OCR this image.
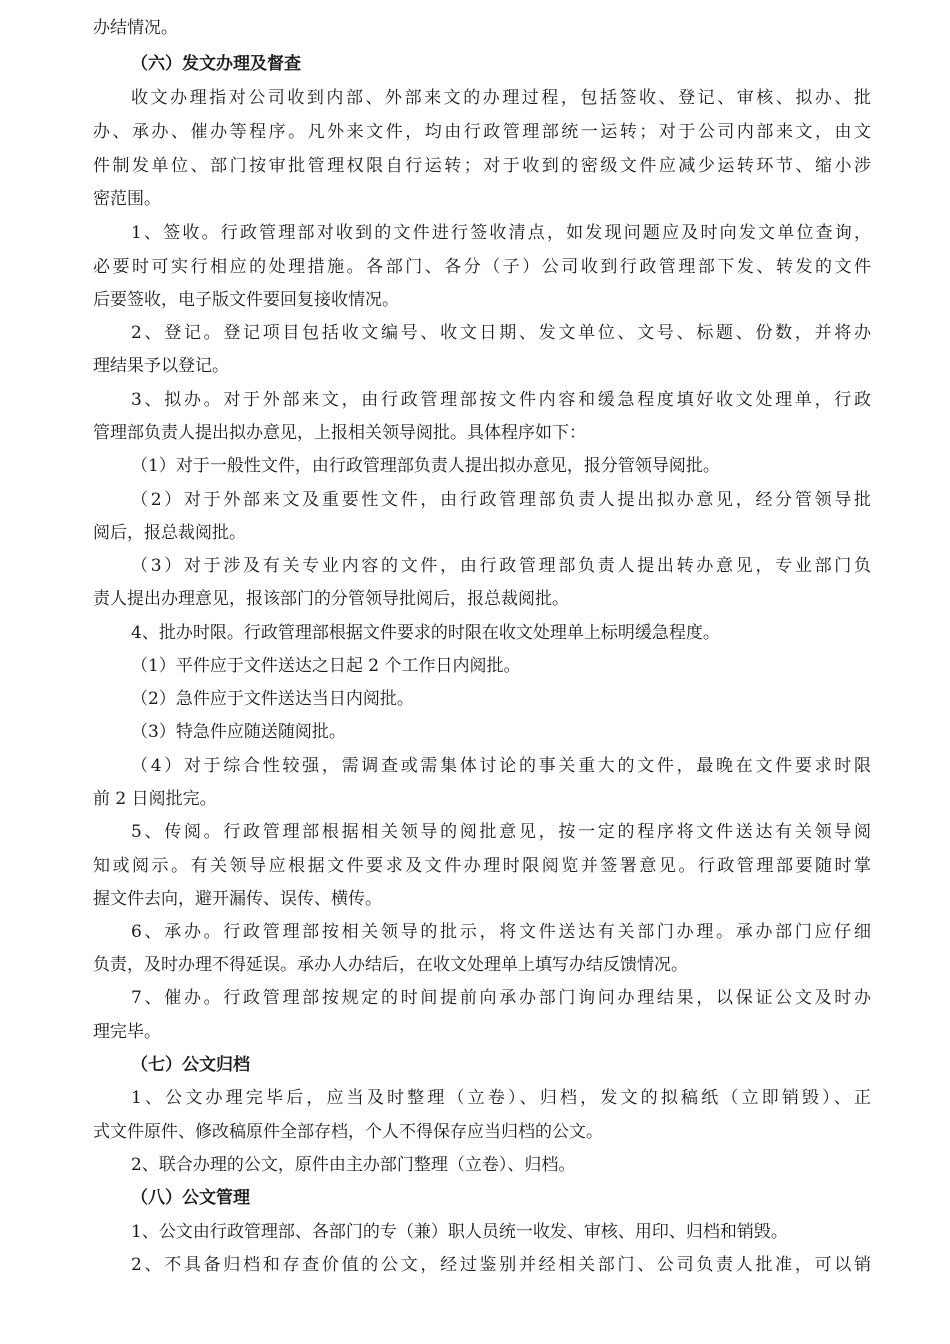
办结情况。
（六）发文办理及督查
收文办理指对公司收到内部、外部来文的办理过程，包括签收、登记、审核、拟办、批
办、承办、催办等程序。凡外来文件，均由行政管理部统一运转；对于公司内部来文，由文
件制发单位、部门按审批管理权限自行运转；对于收到的密级文件应减少运转环节、缩小涉
密范围。
1、签收。行政管理部对收到的文件进行签收清点，如发现问题应及时向发文单位查询，
必要时可实行相应的处理措施。各部门、各分（子）公司收到行政管理部下发、转发的文件
后要签收，电子版文件要回复接收情况。
2、登记。登记项目包括收文编号、收文日期、发文单位、文号、标题、份数，并将办
理结果予以登记。
3、拟办。对于外部来文，由行政管理部按文件内容和缓急程度填好收文处理单，行政
管理部负责人提出拟办意见，上报相关领导阅批。具体程序如下：
（1）对于一般性文件，由行政管理部负责人提出拟办意见，报分管领导阅批。
（2）对于外部来文及重要性文件，由行政管理部负责人提出拟办意见，经分管领导批
阅后，报总裁阅批。
（3）对于涉及有关专业内容的文件，由行政管理部负责人提出转办意见，专业部门负
责人提出办理意见，报该部门的分管领导批阅后，报总裁阅批。
4、批办时限。行政管理部根据文件要求的时限在收文处理单上标明缓急程度。
（1）平件应于文件送达之日起 2 个工作日内阅批。
（2）急件应于文件送达当日内阅批。
（3）特急件应随送随阅批。
（4）对于综合性较强，需调查或需集体讨论的事关重大的文件，最晚在文件要求时限
前 2 日阅批完。
5、传阅。行政管理部根据相关领导的阅批意见，按一定的程序将文件送达有关领导阅
知或阅示。有关领导应根据文件要求及文件办理时限阅览并签署意见。行政管理部要随时掌
握文件去向，避开漏传、误传、横传。
6、承办。行政管理部按相关领导的批示，将文件送达有关部门办理。承办部门应仔细
负责，及时办理不得延误。承办人办结后，在收文处理单上填写办结反馈情况。
7、催办。行政管理部按规定的时间提前向承办部门询问办理结果，以保证公文及时办
理完毕。
（七）公文归档
1、公文办理完毕后，应当及时整理（立卷）、归档，发文的拟稿纸（立即销毁）、正
式文件原件、修改稿原件全部存档，个人不得保存应当归档的公文。
2、联合办理的公文，原件由主办部门整理（立卷）、归档。
（八）公文管理
1、公文由行政管理部、各部门的专（兼）职人员统一收发、审核、用印、归档和销毁。
2、不具备归档和存查价值的公文，经过鉴别并经相关部门、公司负责人批准，可以销
